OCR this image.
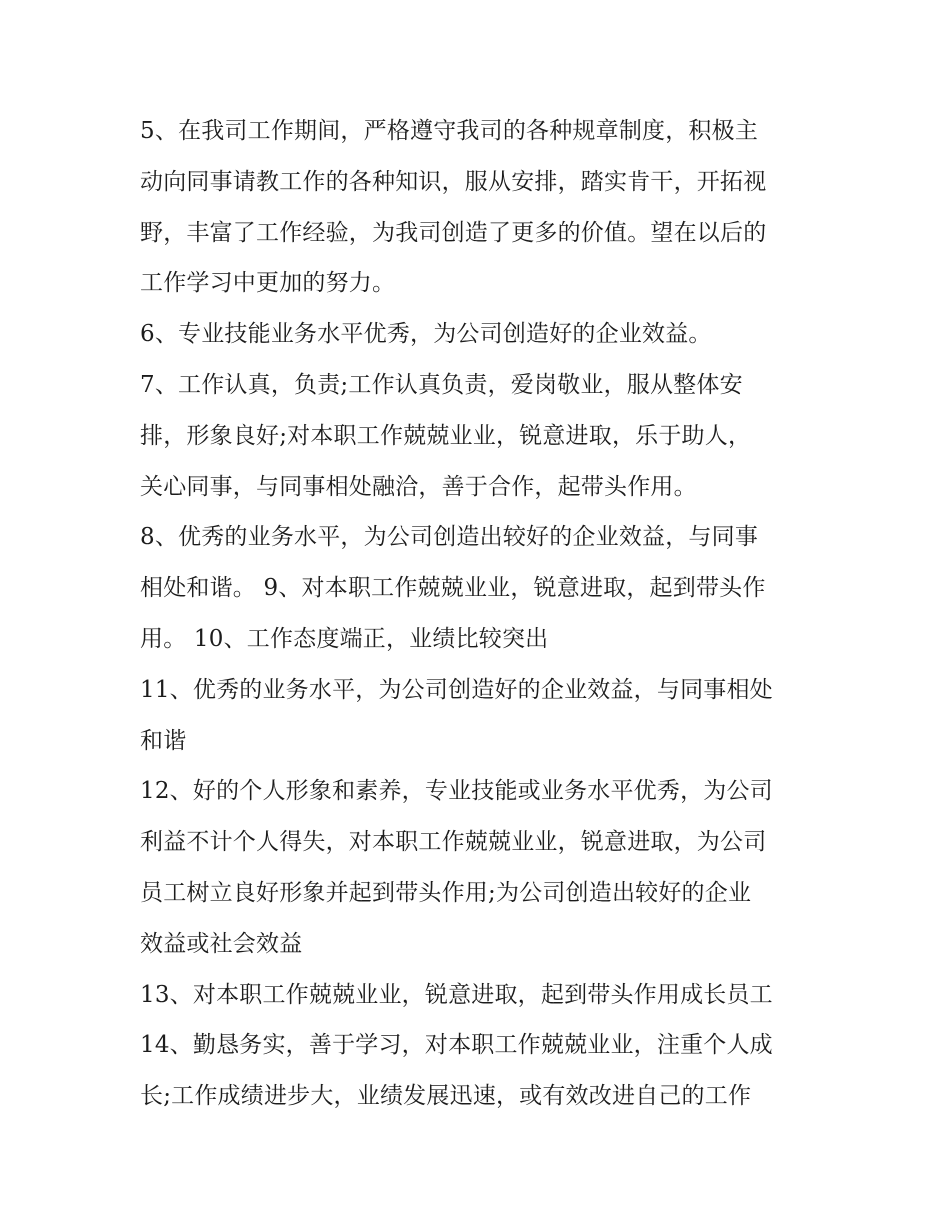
5、在我司工作期间，严格遵守我司的各种规章制度，积极主
动向同事请教工作的各种知识，服从安排，踏实肯干，开拓视
野，丰富了工作经验，为我司创造了更多的价值。望在以后的
工作学习中更加的努力。
6、专业技能业务水平优秀，为公司创造好的企业效益。
7、工作认真，负责;工作认真负责，爱岗敬业，服从整体安
排，形象良好;对本职工作兢兢业业，锐意进取，乐于助人，
关心同事，与同事相处融洽，善于合作，起带头作用。
8、优秀的业务水平，为公司创造出较好的企业效益，与同事
相处和谐。 9、对本职工作兢兢业业，锐意进取，起到带头作
用。 10、工作态度端正，业绩比较突出
11、优秀的业务水平，为公司创造好的企业效益，与同事相处
和谐
12、好的个人形象和素养，专业技能或业务水平优秀，为公司
利益不计个人得失，对本职工作兢兢业业，锐意进取，为公司
员工树立良好形象并起到带头作用;为公司创造出较好的企业
效益或社会效益
13、对本职工作兢兢业业，锐意进取，起到带头作用成长员工
14、勤恳务实，善于学习，对本职工作兢兢业业，注重个人成
长;工作成绩进步大，业绩发展迅速，或有效改进自己的工作
